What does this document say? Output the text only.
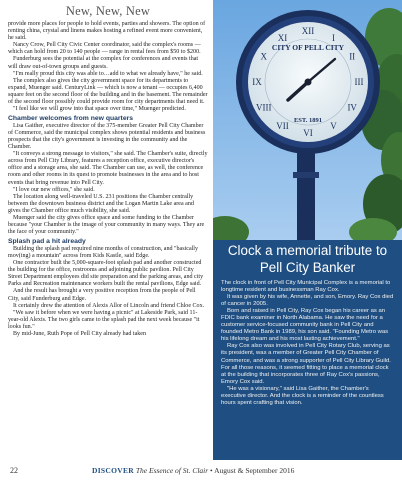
New, New, New
provide more places for people to hold events, parties and showers. The option of renting china, crystal and linens makes hosting a refined event more convenient, he said.
Nancy Crow, Pell City Civic Center coordinator, said the complex's rooms — which can hold from 20 to 140 people — range in rental fees from $50 to $200.
Funderburg sees the potential at the complex for conferences and events that will draw out-of-town groups and guests.
"I'm really proud this city was able to…add to what we already have," he said.
The complex also gives the city government space for its departments to expand, Muenger said. CenturyLink — which is now a tenant — occupies 6,400 square feet on the second floor of the building and in the basement. The remainder of the second floor possibly could provide room for city departments that need it.
"I feel like we will grow into that space over time," Muenger predicted.
Chamber welcomes from new quarters
Lisa Gaither, executive director of the 375-member Greater Pell City Chamber of Commerce, said the municipal complex shows potential residents and business prospects that the city's government is investing in the community and the Chamber.
"It conveys a strong message to visitors," she said. The Chamber's suite, directly across from Pell City Library, features a reception office, executive director's office and a storage area, she said. The Chamber can use, as well, the conference room and other rooms in its quest to promote businesses in the area and to host events that bring revenue into Pell City.
"I love our new offices," she said.
The location along well-traveled U.S. 231 positions the Chamber centrally between the downtown business district and the Logan Martin Lake area and gives the Chamber office much visibility, she said.
Muenger said the city gives office space and some funding to the Chamber because "your Chamber is the image of your community in many ways. They are the face of your community."
Splash pad a hit already
Building the splash pad required nine months of construction, and "basically mov(ing) a mountain" across from Kids Kastle, said Edge.
One contractor built the 5,000-square-foot splash pad and another constructed the building for the office, restrooms and adjoining public pavilion. Pell City Street Department employees did site preparation and the parking areas, and city Parks and Recreation maintenance workers built the rental pavilions, Edge said.
And the result has brought a very positive reception from the people of Pell City, said Funderburg and Edge.
It certainly drew the attention of Alexis Allor of Lincoln and friend Chloe Cox.
"We saw it before when we were having a picnic" at Lakeside Park, said 11-year-old Alexis. The two girls came to the splash pad the next week because "it looks fun."
By mid-June, Ruth Pope of Pell City already had taken
XII
I
II
III
IV
V
VI
VII
VIII
IX
X
XI
CITY OF PELL CITY
EST. 1891
Clock a memorial tribute to Pell City Banker
The clock in front of Pell City Municipal Complex is a memorial to longtime resident and businessman Ray Cox.
It was given by his wife, Annette, and son, Emory. Ray Cox died of cancer in 2005.
Born and raised in Pell City, Ray Cox began his career as an FDIC bank examiner in North Alabama. He saw the need for a customer service-focused community bank in Pell City and founded Metro Bank in 1989, his son said. "Founding Metro was his lifelong dream and his most lasting achievement."
Ray Cox also was involved in Pell City Rotary Club, serving as its president, was a member of Greater Pell City Chamber of Commerce, and was a strong supporter of Pell City Library Guild. For all those reasons, it seemed fitting to place a memorial clock at the building that incorporates three of Ray Cox's passions, Emory Cox said.
"He was a visionary," said Lisa Gaither, the Chamber's executive director. And the clock is a reminder of the countless hours spent crafting that vision.
22	DISCOVER The Essence of St. Clair • August & September 2016
